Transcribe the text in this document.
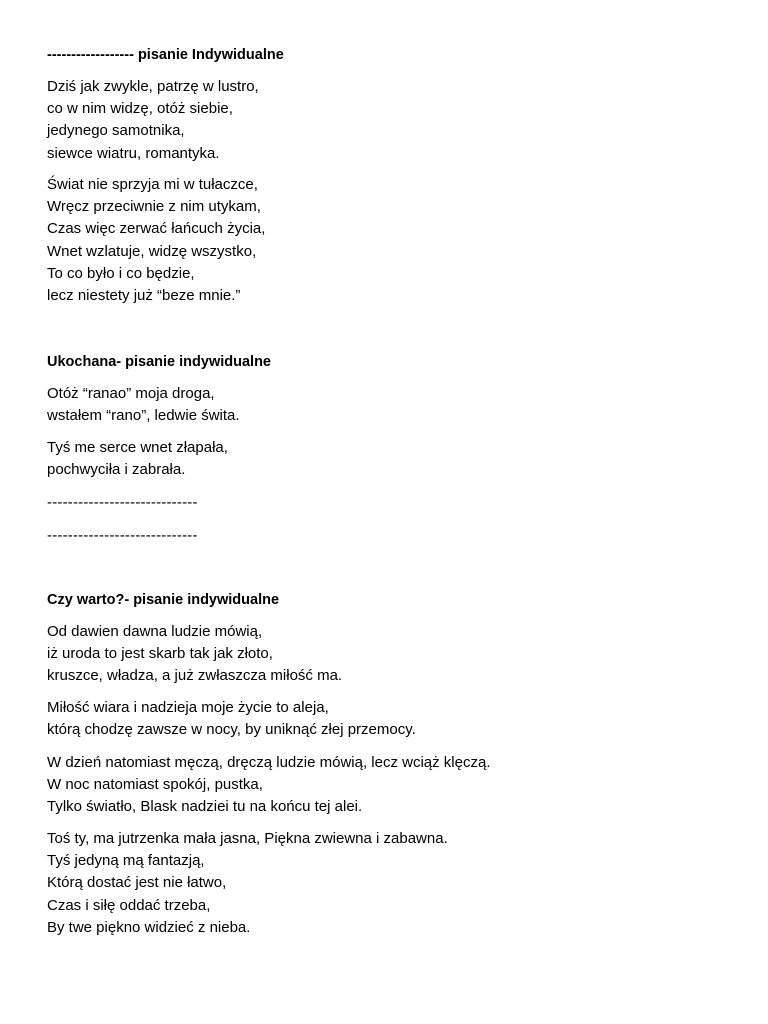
------------------ pisanie Indywidualne
Dziś jak zwykle, patrzę w lustro,
co w nim widzę, otóż siebie,
jedynego samotnika,
siewce wiatru, romantyka.
Świat nie sprzyja mi w tułaczce,
Wręcz przeciwnie z nim utykam,
Czas więc zerwać łańcuch życia,
Wnet wzlatuje, widzę wszystko,
To co było i co będzie,
lecz niestety już “beze mnie.”
Ukochana- pisanie indywidualne
Otóż “ranao” moja droga,
wstałem “rano”, ledwie świta.
Tyś me serce wnet złapała,
pochwyciła i zabrała.
-----------------------------
-----------------------------
Czy warto?- pisanie indywidualne
Od dawien dawna ludzie mówią,
iż uroda to jest skarb tak jak złoto,
kruszce, władza, a już zwłaszcza miłość ma.
Miłość wiara i nadzieja moje życie to aleja,
którą chodzę zawsze w nocy, by uniknąć złej przemocy.
W dzień natomiast męczą, dręczą ludzie mówią, lecz wciąż klęczą.
W noc natomiast spokój, pustka,
Tylko światło, Blask nadziei tu na końcu tej alei.
Toś ty, ma jutrzenka mała jasna, Piękna zwiewna i zabawna.
Tyś jedyną mą fantazją,
Którą dostać jest nie łatwo,
Czas i siłę oddać trzeba,
By twe piękno widzieć z nieba.
